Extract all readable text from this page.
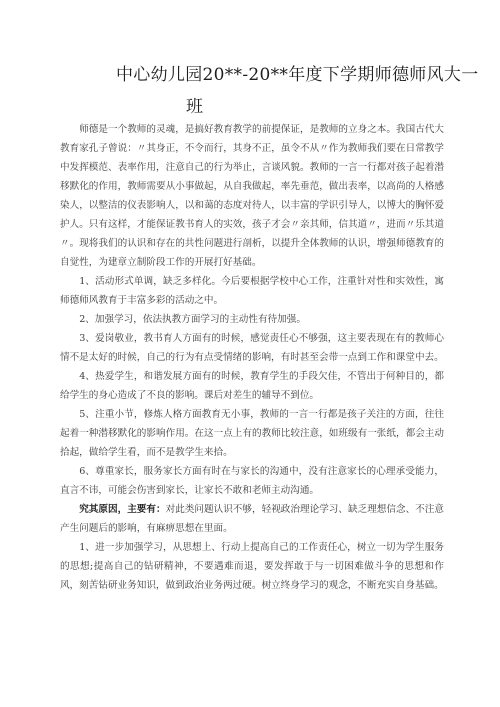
中心幼儿园20**-20**年度下学期师德师风大一
班

师德是一个教师的灵魂，是搞好教育教学的前提保证，是教师的立身之本。我国古代大教育家孔子曾说：〃其身正，不令而行，其身不正，虽令不从〃作为教师我们要在日常教学中发挥模范、表率作用，注意自己的行为举止，言谈风貌。教师的一言一行都对孩子起着潜移默化的作用，教师需要从小事做起，从自我做起，率先垂范，做出表率，以高尚的人格感染人，以整洁的仪表影响人，以和蔼的态度对待人，以丰富的学识引导人，以博大的胸怀爱护人。只有这样，才能保证教书育人的实效，孩子才会〃亲其师，信其道〃，进而〃乐其道〃。现将我们的认识和存在的共性问题进行剖析，以提升全体教师的认识，增强师德教育的自觉性，为建章立制阶段工作的开展打好基础。

1、活动形式单调，缺乏多样化。今后要根据学校中心工作，注重针对性和实效性，寓师德师风教育于丰富多彩的活动之中。

2、加强学习，依法执教方面学习的主动性有待加强。

3、爱岗敬业，教书育人方面有的时候，感觉责任心不够强，这主要表现在有的教师心情不是太好的时候，自己的行为有点受情绪的影响，有时甚至会带一点到工作和课堂中去。

4、热爱学生，和谐发展方面有的时候，教育学生的手段欠佳，不管出于何种目的，都给学生的身心造成了不良的影响。课后对差生的辅导不到位。

5、注重小节，修炼人格方面教育无小事，教师的一言一行都是孩子关注的方面，往往起着一种潜移默化的影响作用。在这一点上有的教师比较注意，如班级有一张纸，都会主动拾起，做给学生看，而不是教学生来拾。

6、尊重家长，服务家长方面有时在与家长的沟通中，没有注意家长的心理承受能力，直言不讳，可能会伤害到家长，让家长不敢和老师主动沟通。

究其原因，主要有：对此类问题认识不够，轻视政治理论学习、缺乏理想信念、不注意产生问题后的影响，有麻痹思想在里面。

1、进一步加强学习，从思想上、行动上提高自己的工作责任心，树立一切为学生服务的思想;提高自己的钻研精神，不要遇难而退，要发挥敢于与一切困难做斗争的思想和作风，刻苦钻研业务知识，做到政治业务两过硬。树立终身学习的观念，不断充实自身基础。
